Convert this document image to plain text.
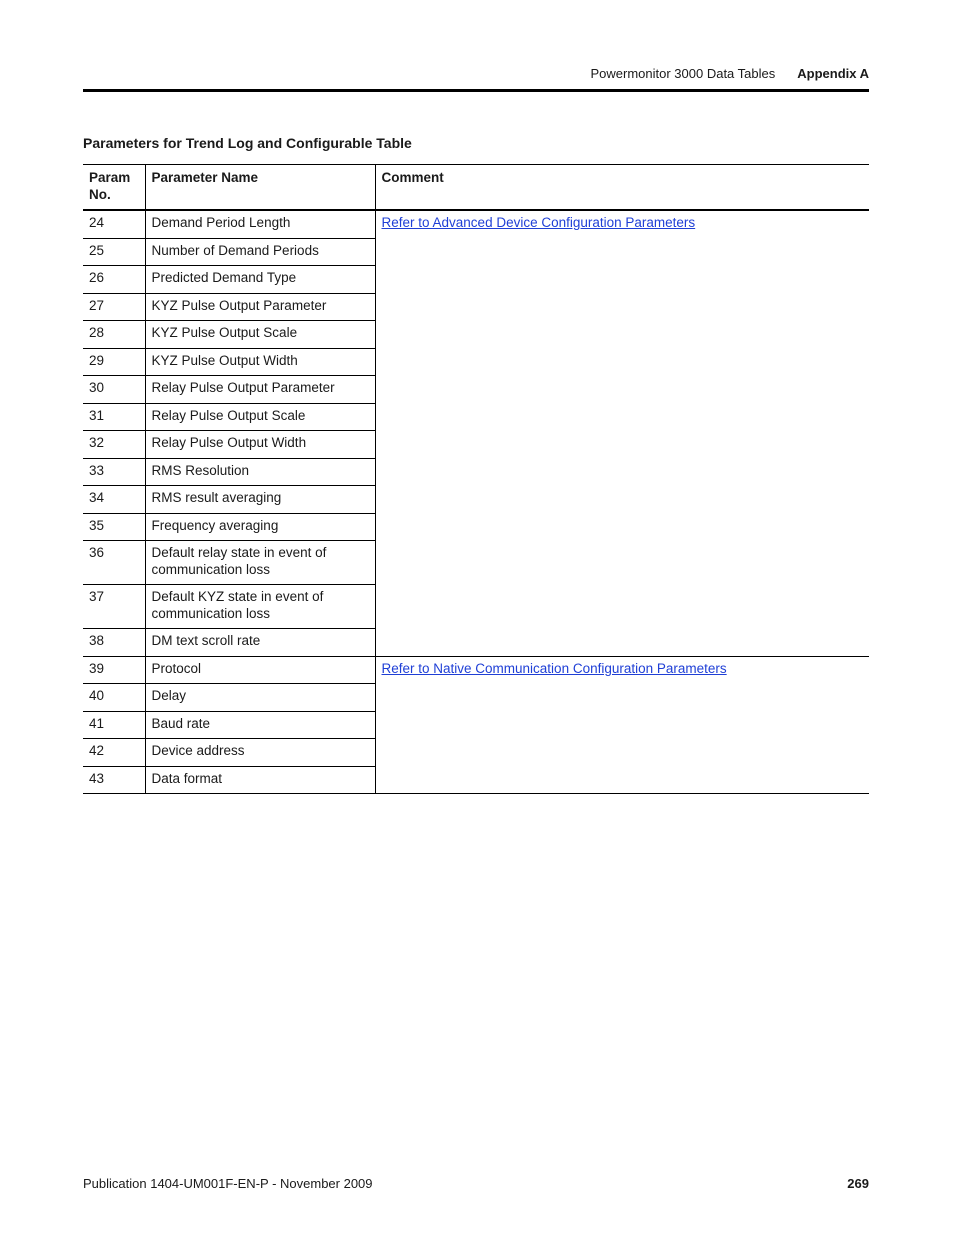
Powermonitor 3000 Data Tables Appendix A
Parameters for Trend Log and Configurable Table
Param
No.	Parameter Name	Comment
24	Demand Period Length	Refer to Advanced Device Configuration Parameters
25	Number of Demand Periods	
26	Predicted Demand Type	
27	KYZ Pulse Output Parameter	
28	KYZ Pulse Output Scale	
29	KYZ Pulse Output Width	
30	Relay Pulse Output Parameter	
31	Relay Pulse Output Scale	
32	Relay Pulse Output Width	
33	RMS Resolution	
34	RMS result averaging	
35	Frequency averaging	
36	Default relay state in event of
communication loss	
37	Default KYZ state in event of
communication loss	
38	DM text scroll rate	
39	Protocol	Refer to Native Communication Configuration Parameters
40	Delay	
41	Baud rate	
42	Device address	
43	Data format	
Publication 1404-UM001F-EN-P - November 2009	269
